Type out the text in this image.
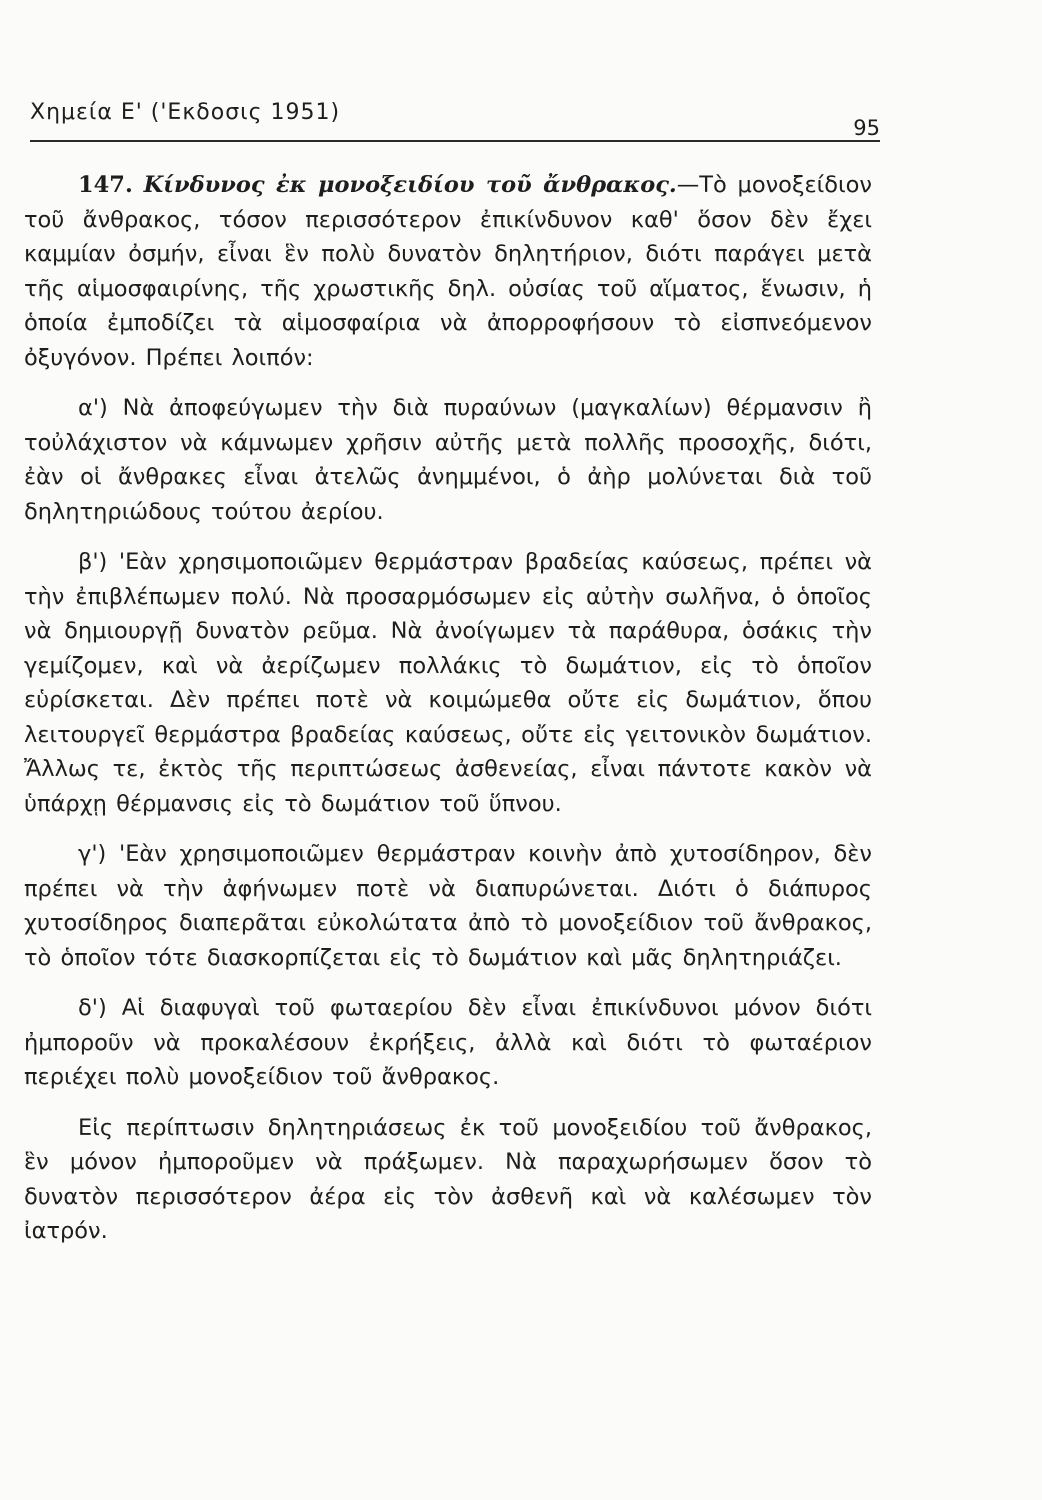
Χημεία Ε' ('Εκδοσις 1951)
95

147. Κίνδυνος ἐκ μονοξειδίου τοῦ ἄνθρακος.—Τὸ μονοξείδιον τοῦ ἄνθρακος, τόσον περισσότερον ἐπικίνδυνον καθ' ὅσον δὲν ἔχει καμμίαν ὀσμήν, εἶναι ἓν πολὺ δυνατὸν δηλητήριον, διότι παράγει μετὰ τῆς αἱμοσφαιρίνης, τῆς χρωστικῆς δηλ. οὐσίας τοῦ αἵματος, ἕνωσιν, ἡ ὁποία ἐμποδίζει τὰ αἱμοσφαίρια νὰ ἀπορροφήσουν τὸ εἰσπνεόμενον ὀξυγόνον. Πρέπει λοιπόν:

α') Νὰ ἀποφεύγωμεν τὴν διὰ πυραύνων (μαγκαλίων) θέρμανσιν ἢ τοὐλάχιστον νὰ κάμνωμεν χρῆσιν αὐτῆς μετὰ πολλῆς προσοχῆς, διότι, ἐὰν οἱ ἄνθρακες εἶναι ἀτελῶς ἀνημμένοι, ὁ ἀὴρ μολύνεται διὰ τοῦ δηλητηριώδους τούτου ἀερίου.

β') 'Εὰν χρησιμοποιῶμεν θερμάστραν βραδείας καύσεως, πρέπει νὰ τὴν ἐπιβλέπωμεν πολύ. Νὰ προσαρμόσωμεν εἰς αὐτὴν σωλῆνα, ὁ ὁποῖος νὰ δημιουργῇ δυνατὸν ρεῦμα. Νὰ ἀνοίγωμεν τὰ παράθυρα, ὁσάκις τὴν γεμίζομεν, καὶ νὰ ἀερίζωμεν πολλάκις τὸ δωμάτιον, εἰς τὸ ὁποῖον εὑρίσκεται. Δὲν πρέπει ποτὲ νὰ κοιμώμεθα οὔτε εἰς δωμάτιον, ὅπου λειτουργεῖ θερμάστρα βραδείας καύσεως, οὔτε εἰς γειτονικὸν δωμάτιον. Ἄλλως τε, ἐκτὸς τῆς περιπτώσεως ἀσθενείας, εἶναι πάντοτε κακὸν νὰ ὑπάρχῃ θέρμανσις εἰς τὸ δωμάτιον τοῦ ὕπνου.

γ') 'Εὰν χρησιμοποιῶμεν θερμάστραν κοινὴν ἀπὸ χυτοσίδηρον, δὲν πρέπει νὰ τὴν ἀφήνωμεν ποτὲ νὰ διαπυρώνεται. Διότι ὁ διάπυρος χυτοσίδηρος διαπερᾶται εὐκολώτατα ἀπὸ τὸ μονοξείδιον τοῦ ἄνθρακος, τὸ ὁποῖον τότε διασκορπίζεται εἰς τὸ δωμάτιον καὶ μᾶς δηλητηριάζει.

δ') Αἱ διαφυγαὶ τοῦ φωταερίου δὲν εἶναι ἐπικίνδυνοι μόνον διότι ἠμποροῦν νὰ προκαλέσουν ἐκρήξεις, ἀλλὰ καὶ διότι τὸ φωταέριον περιέχει πολὺ μονοξείδιον τοῦ ἄνθρακος.

Εἰς περίπτωσιν δηλητηριάσεως ἐκ τοῦ μονοξειδίου τοῦ ἄνθρακος, ἓν μόνον ἠμποροῦμεν νὰ πράξωμεν. Νὰ παραχωρήσωμεν ὅσον τὸ δυνατὸν περισσότερον ἀέρα εἰς τὸν ἀσθενῆ καὶ νὰ καλέσωμεν τὸν ἰατρόν.
